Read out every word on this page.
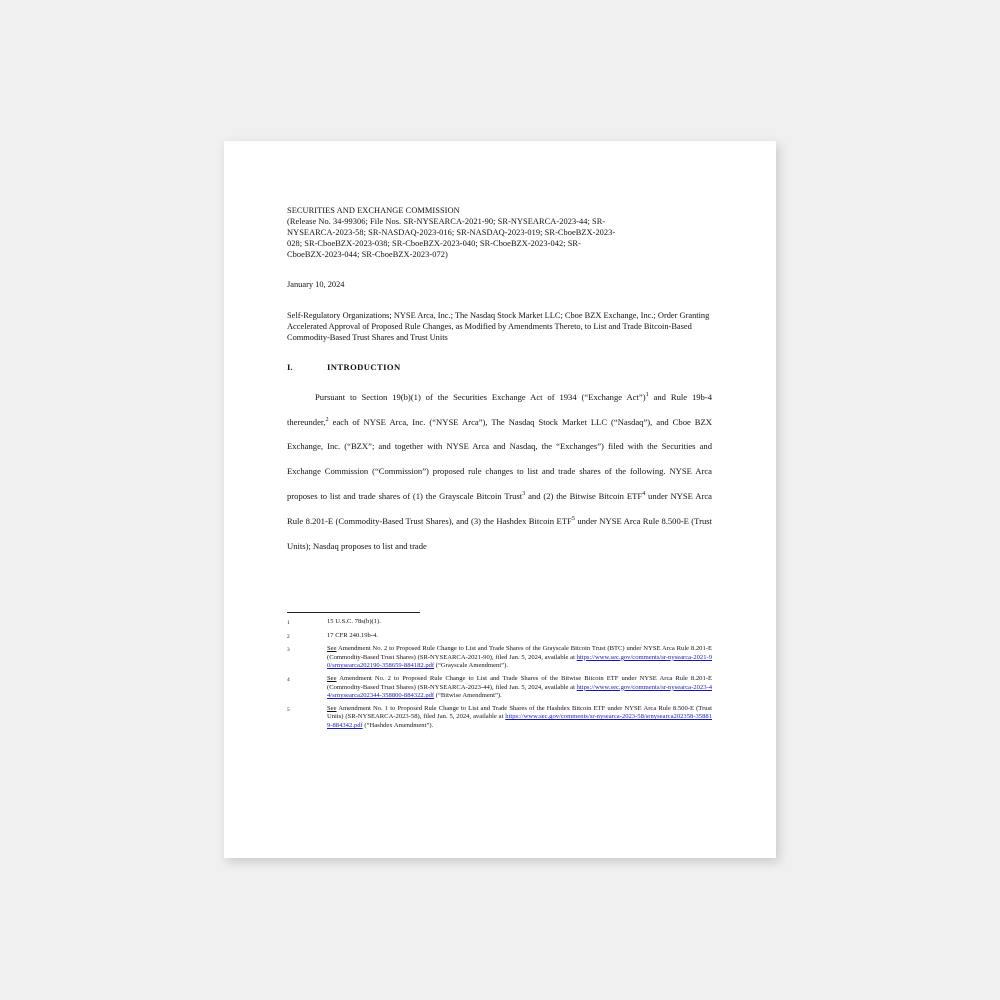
SECURITIES AND EXCHANGE COMMISSION
(Release No. 34-99306; File Nos. SR-NYSEARCA-2021-90; SR-NYSEARCA-2023-44; SR-
NYSEARCA-2023-58; SR-NASDAQ-2023-016; SR-NASDAQ-2023-019; SR-CboeBZX-2023-
028; SR-CboeBZX-2023-038; SR-CboeBZX-2023-040; SR-CboeBZX-2023-042; SR-
CboeBZX-2023-044; SR-CboeBZX-2023-072)
January 10, 2024
Self-Regulatory Organizations; NYSE Arca, Inc.; The Nasdaq Stock Market LLC; Cboe BZX Exchange, Inc.; Order Granting Accelerated Approval of Proposed Rule Changes, as Modified by Amendments Thereto, to List and Trade Bitcoin-Based Commodity-Based Trust Shares and Trust Units
I.	INTRODUCTION
Pursuant to Section 19(b)(1) of the Securities Exchange Act of 1934 (“Exchange Act”)$^1$ and Rule 19b-4 thereunder,$^2$ each of NYSE Arca, Inc. (“NYSE Arca”), The Nasdaq Stock Market LLC (“Nasdaq”), and Cboe BZX Exchange, Inc. (“BZX”; and together with NYSE Arca and Nasdaq, the “Exchanges”) filed with the Securities and Exchange Commission (“Commission”) proposed rule changes to list and trade shares of the following. NYSE Arca proposes to list and trade shares of (1) the Grayscale Bitcoin Trust$^3$ and (2) the Bitwise Bitcoin ETF$^4$ under NYSE Arca Rule 8.201-E (Commodity-Based Trust Shares), and (3) the Hashdex Bitcoin ETF$^5$ under NYSE Arca Rule 8.500-E (Trust Units); Nasdaq proposes to list and trade
1	15 U.S.C. 78s(b)(1).
2	17 CFR 240.19b-4.
3	See Amendment No. 2 to Proposed Rule Change to List and Trade Shares of the Grayscale Bitcoin Trust (BTC) under NYSE Arca Rule 8.201-E (Commodity-Based Trust Shares) (SR-NYSEARCA-2021-90), filed Jan. 5, 2024, available at https://www.sec.gov/comments/sr-nysearca-2021-90/srnysearca202190-358659-884182.pdf (“Grayscale Amendment”).
4	See Amendment No. 2 to Proposed Rule Change to List and Trade Shares of the Bitwise Bitcoin ETF under NYSE Arca Rule 8.201-E (Commodity-Based Trust Shares) (SR-NYSEARCA-2023-44), filed Jan. 5, 2024, available at https://www.sec.gov/comments/sr-nysearca-2023-44/srnysearca202344-358800-884322.pdf (“Bitwise Amendment”).
5	See Amendment No. 1 to Proposed Rule Change to List and Trade Shares of the Hashdex Bitcoin ETF under NYSE Arca Rule 8.500-E (Trust Units) (SR-NYSEARCA-2023-58), filed Jan. 5, 2024, available at https://www.sec.gov/comments/sr-nysearca-2023-58/srnysearca202358-358819-884342.pdf (“Hashdex Amendment”).
